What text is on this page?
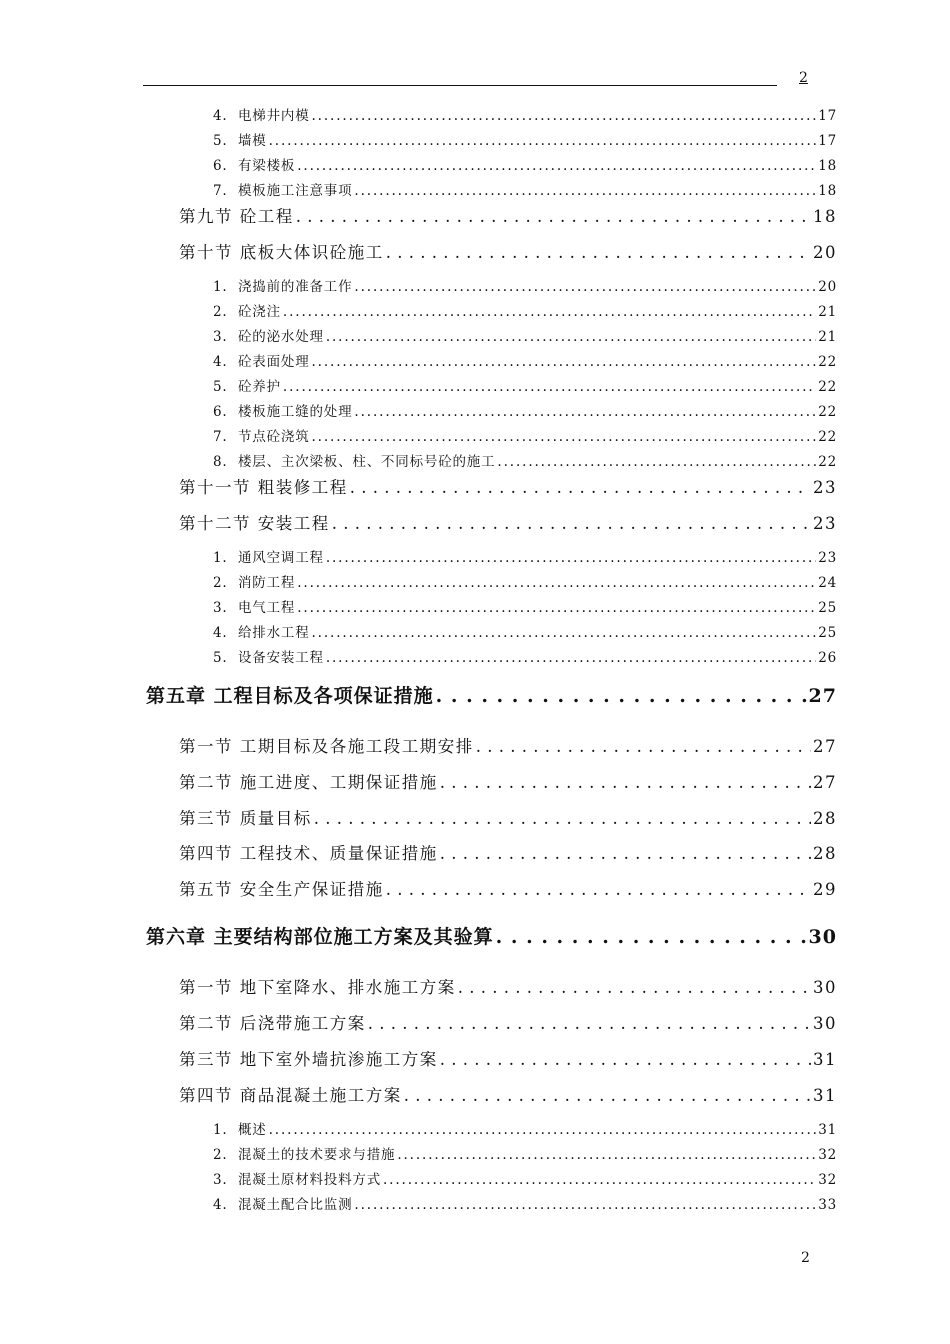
2
4. 电梯井内模 . . .	17
5. 墙模 . . .	17
6. 有梁楼板 . . .	18
7. 模板施工注意事项 . . .	18
第九节 砼工程 . . .	18
第十节 底板大体识砼施工 . . .	20
1. 浇捣前的准备工作 . . .	20
2. 砼浇注 . . .	21
3. 砼的泌水处理 . . .	21
4. 砼表面处理 . . .	22
5. 砼养护 . . .	22
6. 楼板施工缝的处理 . . .	22
7. 节点砼浇筑 . . .	22
8. 楼层、主次梁板、柱、不同标号砼的施工 . . .	22
第十一节 粗装修工程 . . .	23
第十二节 安装工程 . . .	23
1. 通风空调工程 . . .	23
2. 消防工程 . . .	24
3. 电气工程 . . .	25
4. 给排水工程 . . .	25
5. 设备安装工程 . . .	26
第五章 工程目标及各项保证措施 . . .	27
第一节 工期目标及各施工段工期安排 . . .	27
第二节 施工进度、工期保证措施 . . .	27
第三节 质量目标 . . .	28
第四节 工程技术、质量保证措施 . . .	28
第五节 安全生产保证措施 . . .	29
第六章 主要结构部位施工方案及其验算 . . .	30
第一节 地下室降水、排水施工方案 . . .	30
第二节 后浇带施工方案 . . .	30
第三节 地下室外墙抗渗施工方案 . . .	31
第四节 商品混凝土施工方案 . . .	31
1. 概述 . . .	31
2. 混凝土的技术要求与措施 . . .	32
3. 混凝土原材料投料方式 . . .	32
4. 混凝土配合比监测 . . .	33
2
